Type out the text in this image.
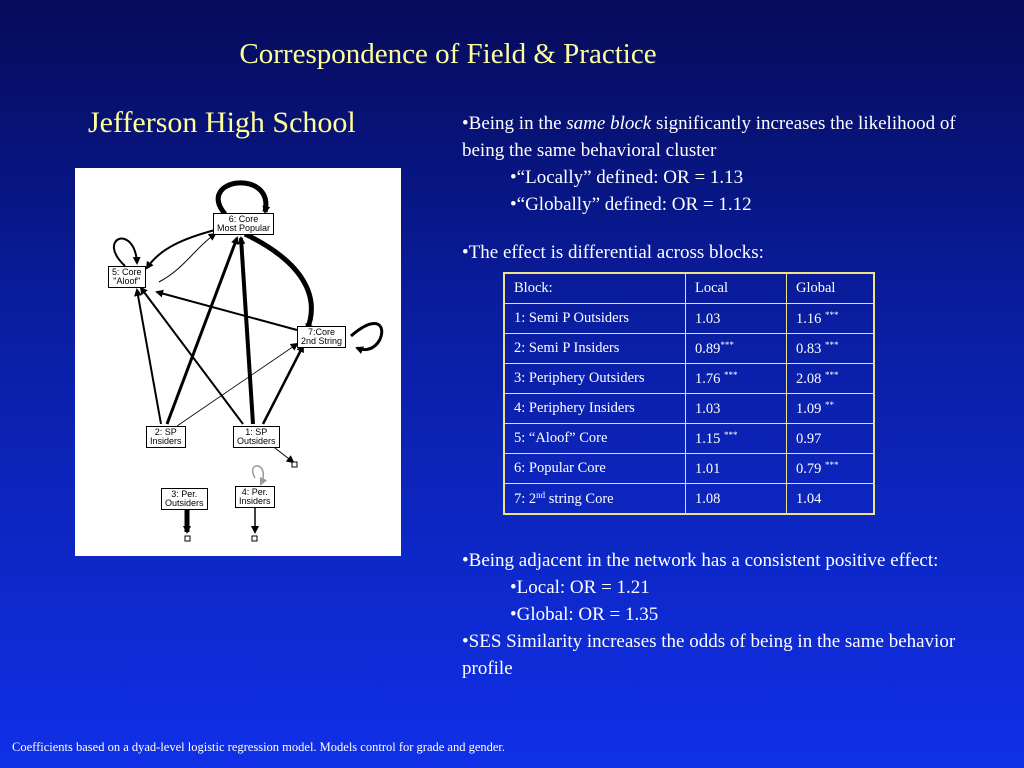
Correspondence of Field & Practice
Jefferson High School
6: Core
Most Popular
5: Core
"Aloof"
7:Core
2nd String
2: SP
Insiders
1: SP
Outsiders
3: Per.
Outsiders
4: Per.
Insiders
•Being in the same block significantly increases the likelihood of being the same behavioral cluster
•“Locally” defined: OR = 1.13
•“Globally” defined: OR = 1.12
•The effect is differential across blocks:
Block:	Local	Global
1: Semi P Outsiders	1.03	1.16 ***
2: Semi P Insiders	0.89***	0.83 ***
3: Periphery Outsiders	1.76 ***	2.08 ***
4: Periphery Insiders	1.03	1.09 **
5: “Aloof” Core	1.15 ***	0.97
6: Popular Core	1.01	0.79 ***
7: 2nd string Core	1.08	1.04
•Being adjacent in the network has a consistent positive effect:
•Local: OR = 1.21
•Global: OR = 1.35
•SES Similarity increases the odds of being in the same behavior profile
Coefficients based on a dyad-level logistic regression model. Models control for grade and gender.
